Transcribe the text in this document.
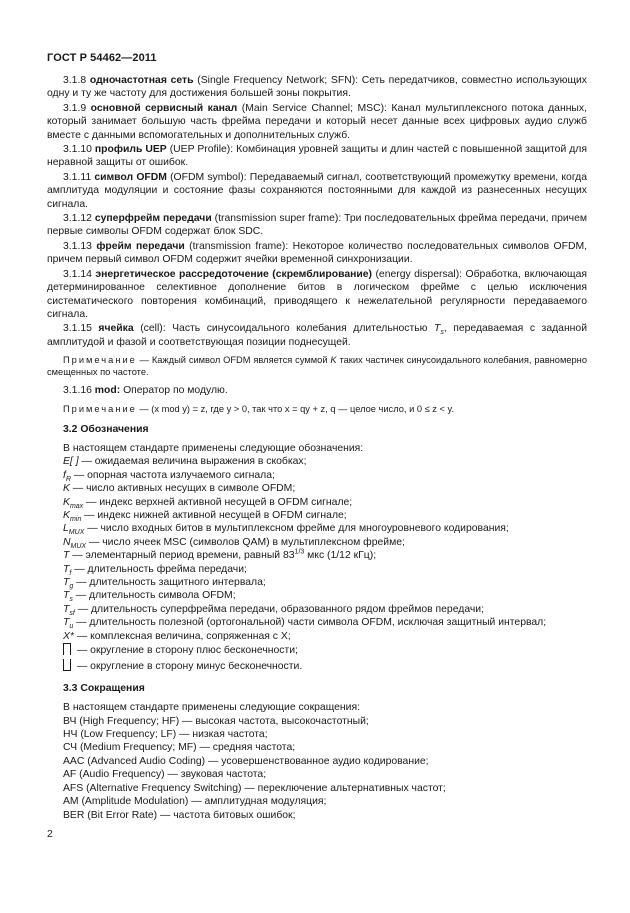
ГОСТ Р 54462—2011
3.1.8 одночастотная сеть (Single Frequency Network; SFN): Сеть передатчиков, совместно использующих одну и ту же частоту для достижения большей зоны покрытия.
3.1.9 основной сервисный канал (Main Service Channel; MSC): Канал мультиплексного потока данных, который занимает большую часть фрейма передачи и который несет данные всех цифровых аудио служб вместе с данными вспомогательных и дополнительных служб.
3.1.10 профиль UEP (UEP Profile): Комбинация уровней защиты и длин частей с повышенной защитой для неравной защиты от ошибок.
3.1.11 символ OFDM (OFDM symbol): Передаваемый сигнал, соответствующий промежутку времени, когда амплитуда модуляции и состояние фазы сохраняются постоянными для каждой из разнесенных несущих сигнала.
3.1.12 суперфрейм передачи (transmission super frame): Три последовательных фрейма передачи, причем первые символы OFDM содержат блок SDC.
3.1.13 фрейм передачи (transmission frame): Некоторое количество последовательных символов OFDM, причем первый символ OFDM содержит ячейки временной синхронизации.
3.1.14 энергетическое рассредоточение (скремблирование) (energy dispersal): Обработка, включающая детерминированное селективное дополнение битов в логическом фрейме с целью исключения систематического повторения комбинаций, приводящего к нежелательной регулярности передаваемого сигнала.
3.1.15 ячейка (cell): Часть синусоидального колебания длительностью $T_s$, передаваемая с заданной амплитудой и фазой и соответствующая позиции поднесущей.
Примечание — Каждый символ OFDM является суммой K таких частичек синусоидального колебания, равномерно смещенных по частоте.
3.1.16 mod: Оператор по модулю.
Примечание — (x mod y) = z, где y > 0, так что x = qy + z, q — целое число, и 0 ≤ z < y.
3.2 Обозначения
В настоящем стандарте применены следующие обозначения:
E[ ] — ожидаемая величина выражения в скобках;
$f_R$ — опорная частота излучаемого сигнала;
K — число активных несущих в символе OFDM;
$K_{max}$ — индекс верхней активной несущей в OFDM сигнале;
$K_{min}$ — индекс нижней активной несущей в OFDM сигнале;
$L_{MUX}$ — число входных битов в мультиплексном фрейме для многоуровневого кодирования;
$N_{MUX}$ — число ячеек MSC (символов QAM) в мультиплексном фрейме;
T — элементарный период времени, равный $83^{1/3}$ мкс (1/12 кГц);
$T_f$ — длительность фрейма передачи;
$T_g$ — длительность защитного интервала;
$T_s$ — длительность символа OFDM;
$T_{sf}$ — длительность суперфрейма передачи, образованного рядом фреймов передачи;
$T_u$ — длительность полезной (ортогональной) части символа OFDM, исключая защитный интервал;
X* — комплексная величина, сопряженная с X;
— округление в сторону плюс бесконечности;
— округление в сторону минус бесконечности.
3.3 Сокращения
В настоящем стандарте применены следующие сокращения:
ВЧ (High Frequency; HF) — высокая частота, высокочастотный;
НЧ (Low Frequency; LF) — низкая частота;
СЧ (Medium Frequency; MF) — средняя частота;
AAC (Advanced Audio Coding) — усовершенствованное аудио кодирование;
AF (Audio Frequency) — звуковая частота;
AFS (Alternative Frequency Switching) — переключение альтернативных частот;
AM (Amplitude Modulation) — амплитудная модуляция;
BER (Bit Error Rate) — частота битовых ошибок;
2
